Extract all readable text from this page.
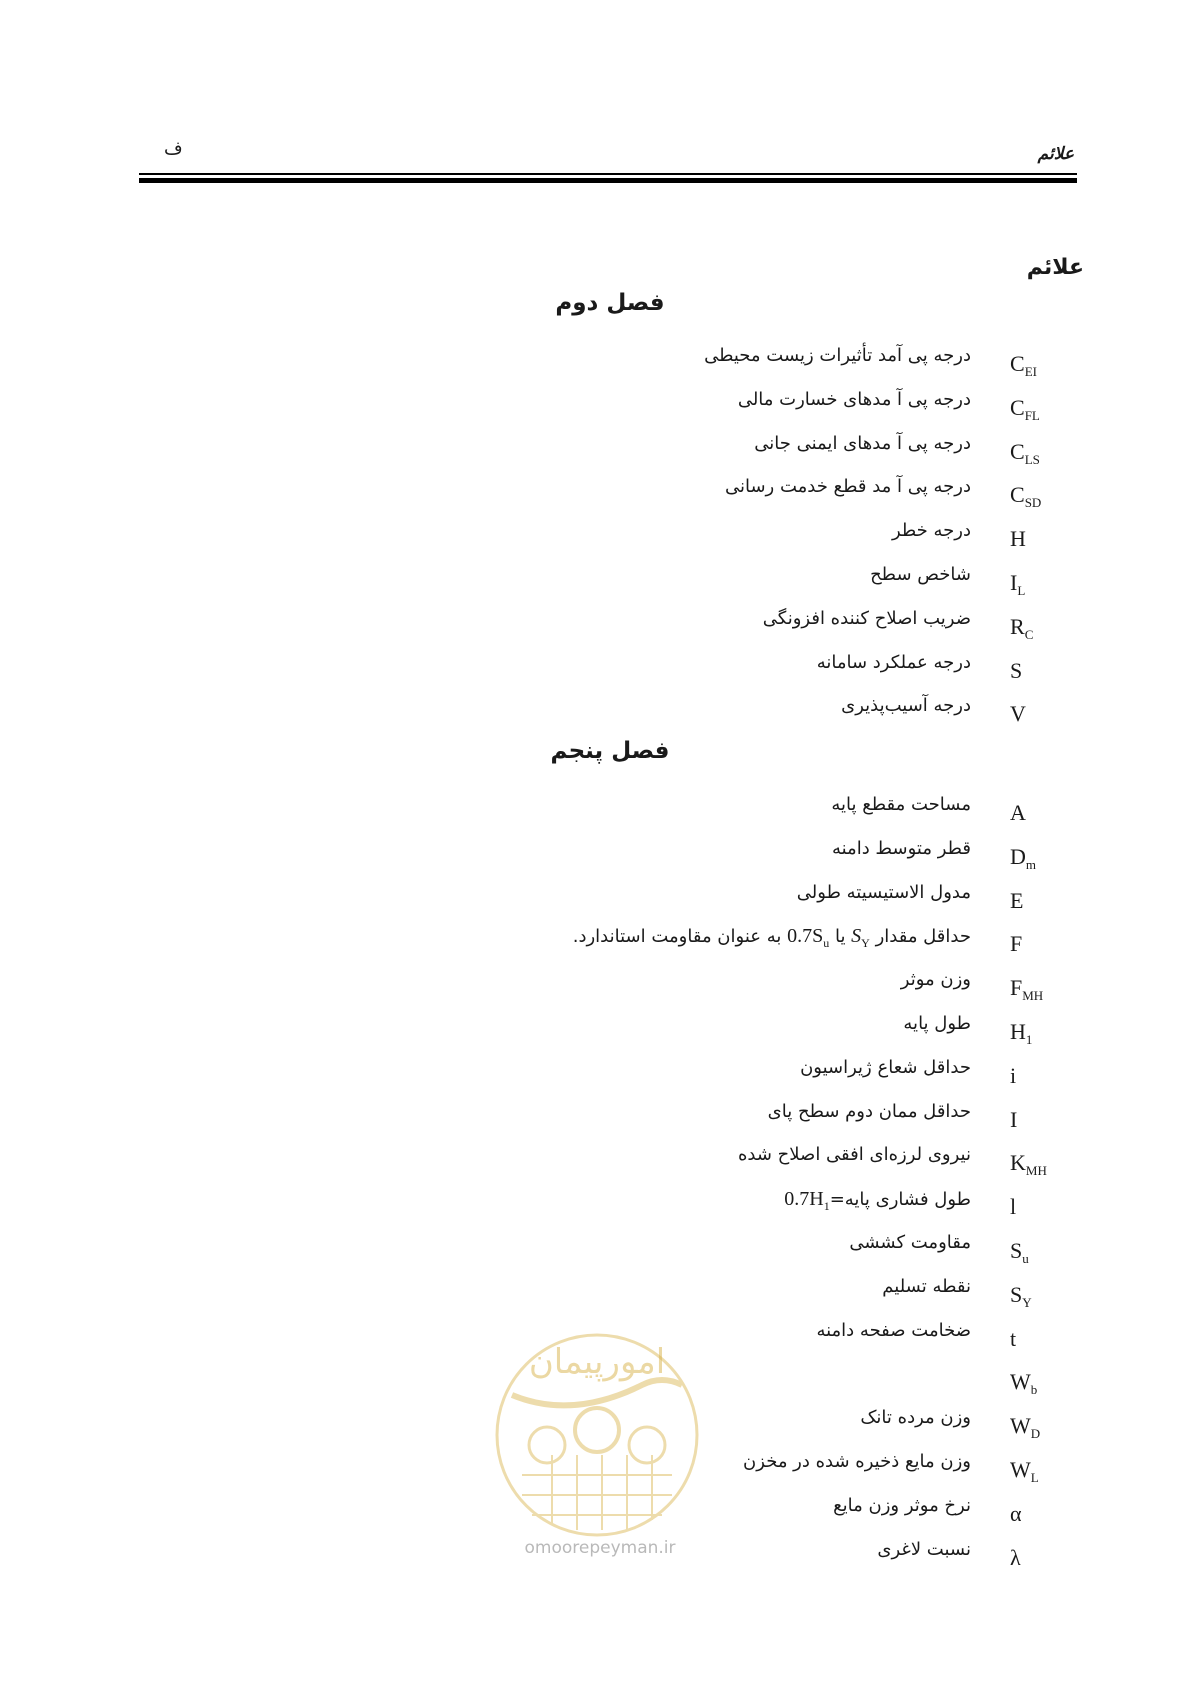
علائم
ف
علائم
فصل دوم
$C_{EI}$
درجه پی آمد تأثیرات زیست محیطی
$C_{FL}$
درجه پی آ مدهای خسارت مالی
$C_{LS}$
درجه پی آ مدهای ایمنی جانی
$C_{SD}$
درجه پی آ مد قطع خدمت رسانی
H
درجه خطر
$I_L$
شاخص سطح
$R_C$
ضریب اصلاح کننده افزونگی
S
درجه عملکرد سامانه
V
درجه آسیب‌پذیری
فصل پنجم
A
مساحت مقطع پایه
$D_m$
قطر متوسط دامنه
E
مدول الاستیسیته طولی
F
حداقل مقدار $S_Y$ یا $0.7S_u$ به عنوان مقاومت استاندارد.
$F_{MH}$
وزن موثر
$H_1$
طول پایه
i
حداقل شعاع ژیراسیون
I
حداقل ممان دوم سطح پای
$K_{MH}$
نیروی لرزه‌ای افقی اصلاح شده
l
طول فشاری $پایه=0.7H_1$
$S_u$
مقاومت کششی
$S_Y$
نقطه تسلیم
t
ضخامت صفحه دامنه
$W_b$
$W_D$
وزن مرده تانک
$W_L$
وزن مایع ذخیره شده در مخزن
α
نرخ موثر وزن مایع
λ
نسبت لاغری
امورپیمان
omoorepeyman.ir
